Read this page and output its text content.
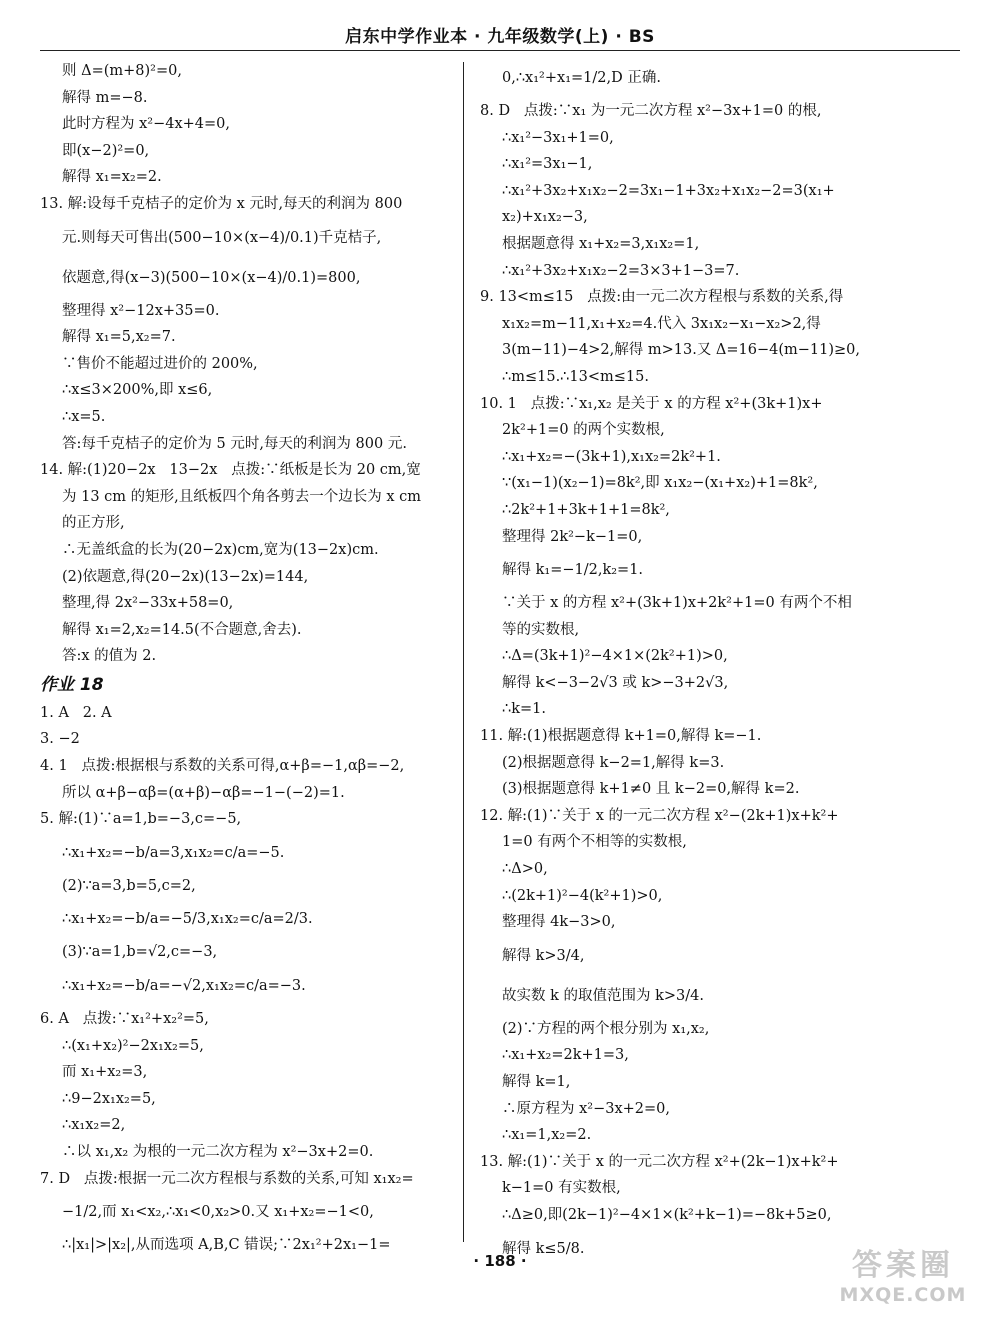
启东中学作业本 · 九年级数学(上) · BS
则 Δ=(m+8)²=0,
解得 m=−8.
此时方程为 x²−4x+4=0,
即(x−2)²=0,
解得 x₁=x₂=2.
13. 解:设每千克桔子的定价为 x 元时,每天的利润为 800
元.则每天可售出(500−10×(x−4)/0.1)千克桔子,
依题意,得(x−3)(500−10×(x−4)/0.1)=800,
整理得 x²−12x+35=0.
解得 x₁=5,x₂=7.
∵售价不能超过进价的 200%,
∴x≤3×200%,即 x≤6,
∴x=5.
答:每千克桔子的定价为 5 元时,每天的利润为 800 元.
14. 解:(1)20−2x   13−2x   点拨:∵纸板是长为 20 cm,宽
为 13 cm 的矩形,且纸板四个角各剪去一个边长为 x cm
的正方形,
∴无盖纸盒的长为(20−2x)cm,宽为(13−2x)cm.
(2)依题意,得(20−2x)(13−2x)=144,
整理,得 2x²−33x+58=0,
解得 x₁=2,x₂=14.5(不合题意,舍去).
答:x 的值为 2.
作业 18
1. A   2. A
3. −2
4. 1   点拨:根据根与系数的关系可得,α+β=−1,αβ=−2,
所以 α+β−αβ=(α+β)−αβ=−1−(−2)=1.
5. 解:(1)∵a=1,b=−3,c=−5,
∴x₁+x₂=−b/a=3,x₁x₂=c/a=−5.
(2)∵a=3,b=5,c=2,
∴x₁+x₂=−b/a=−5/3,x₁x₂=c/a=2/3.
(3)∵a=1,b=√2,c=−3,
∴x₁+x₂=−b/a=−√2,x₁x₂=c/a=−3.
6. A   点拨:∵x₁²+x₂²=5,
∴(x₁+x₂)²−2x₁x₂=5,
而 x₁+x₂=3,
∴9−2x₁x₂=5,
∴x₁x₂=2,
∴以 x₁,x₂ 为根的一元二次方程为 x²−3x+2=0.
7. D   点拨:根据一元二次方程根与系数的关系,可知 x₁x₂=
−1/2,而 x₁<x₂,∴x₁<0,x₂>0.又 x₁+x₂=−1<0,
∴|x₁|>|x₂|,从而选项 A,B,C 错误;∵2x₁²+2x₁−1=
0,∴x₁²+x₁=1/2,D 正确.
8. D   点拨:∵x₁ 为一元二次方程 x²−3x+1=0 的根,
∴x₁²−3x₁+1=0,
∴x₁²=3x₁−1,
∴x₁²+3x₂+x₁x₂−2=3x₁−1+3x₂+x₁x₂−2=3(x₁+
x₂)+x₁x₂−3,
根据题意得 x₁+x₂=3,x₁x₂=1,
∴x₁²+3x₂+x₁x₂−2=3×3+1−3=7.
9. 13<m≤15   点拨:由一元二次方程根与系数的关系,得
x₁x₂=m−11,x₁+x₂=4.代入 3x₁x₂−x₁−x₂>2,得
3(m−11)−4>2,解得 m>13.又 Δ=16−4(m−11)≥0,
∴m≤15.∴13<m≤15.
10. 1   点拨:∵x₁,x₂ 是关于 x 的方程 x²+(3k+1)x+
2k²+1=0 的两个实数根,
∴x₁+x₂=−(3k+1),x₁x₂=2k²+1.
∵(x₁−1)(x₂−1)=8k²,即 x₁x₂−(x₁+x₂)+1=8k²,
∴2k²+1+3k+1+1=8k²,
整理得 2k²−k−1=0,
解得 k₁=−1/2,k₂=1.
∵关于 x 的方程 x²+(3k+1)x+2k²+1=0 有两个不相
等的实数根,
∴Δ=(3k+1)²−4×1×(2k²+1)>0,
解得 k<−3−2√3 或 k>−3+2√3,
∴k=1.
11. 解:(1)根据题意得 k+1=0,解得 k=−1.
(2)根据题意得 k−2=1,解得 k=3.
(3)根据题意得 k+1≠0 且 k−2=0,解得 k=2.
12. 解:(1)∵关于 x 的一元二次方程 x²−(2k+1)x+k²+
1=0 有两个不相等的实数根,
∴Δ>0,
∴(2k+1)²−4(k²+1)>0,
整理得 4k−3>0,
解得 k>3/4,
故实数 k 的取值范围为 k>3/4.
(2)∵方程的两个根分别为 x₁,x₂,
∴x₁+x₂=2k+1=3,
解得 k=1,
∴原方程为 x²−3x+2=0,
∴x₁=1,x₂=2.
13. 解:(1)∵关于 x 的一元二次方程 x²+(2k−1)x+k²+
k−1=0 有实数根,
∴Δ≥0,即(2k−1)²−4×1×(k²+k−1)=−8k+5≥0,
解得 k≤5/8.
· 188 ·	答案圈
MXQE.COM
